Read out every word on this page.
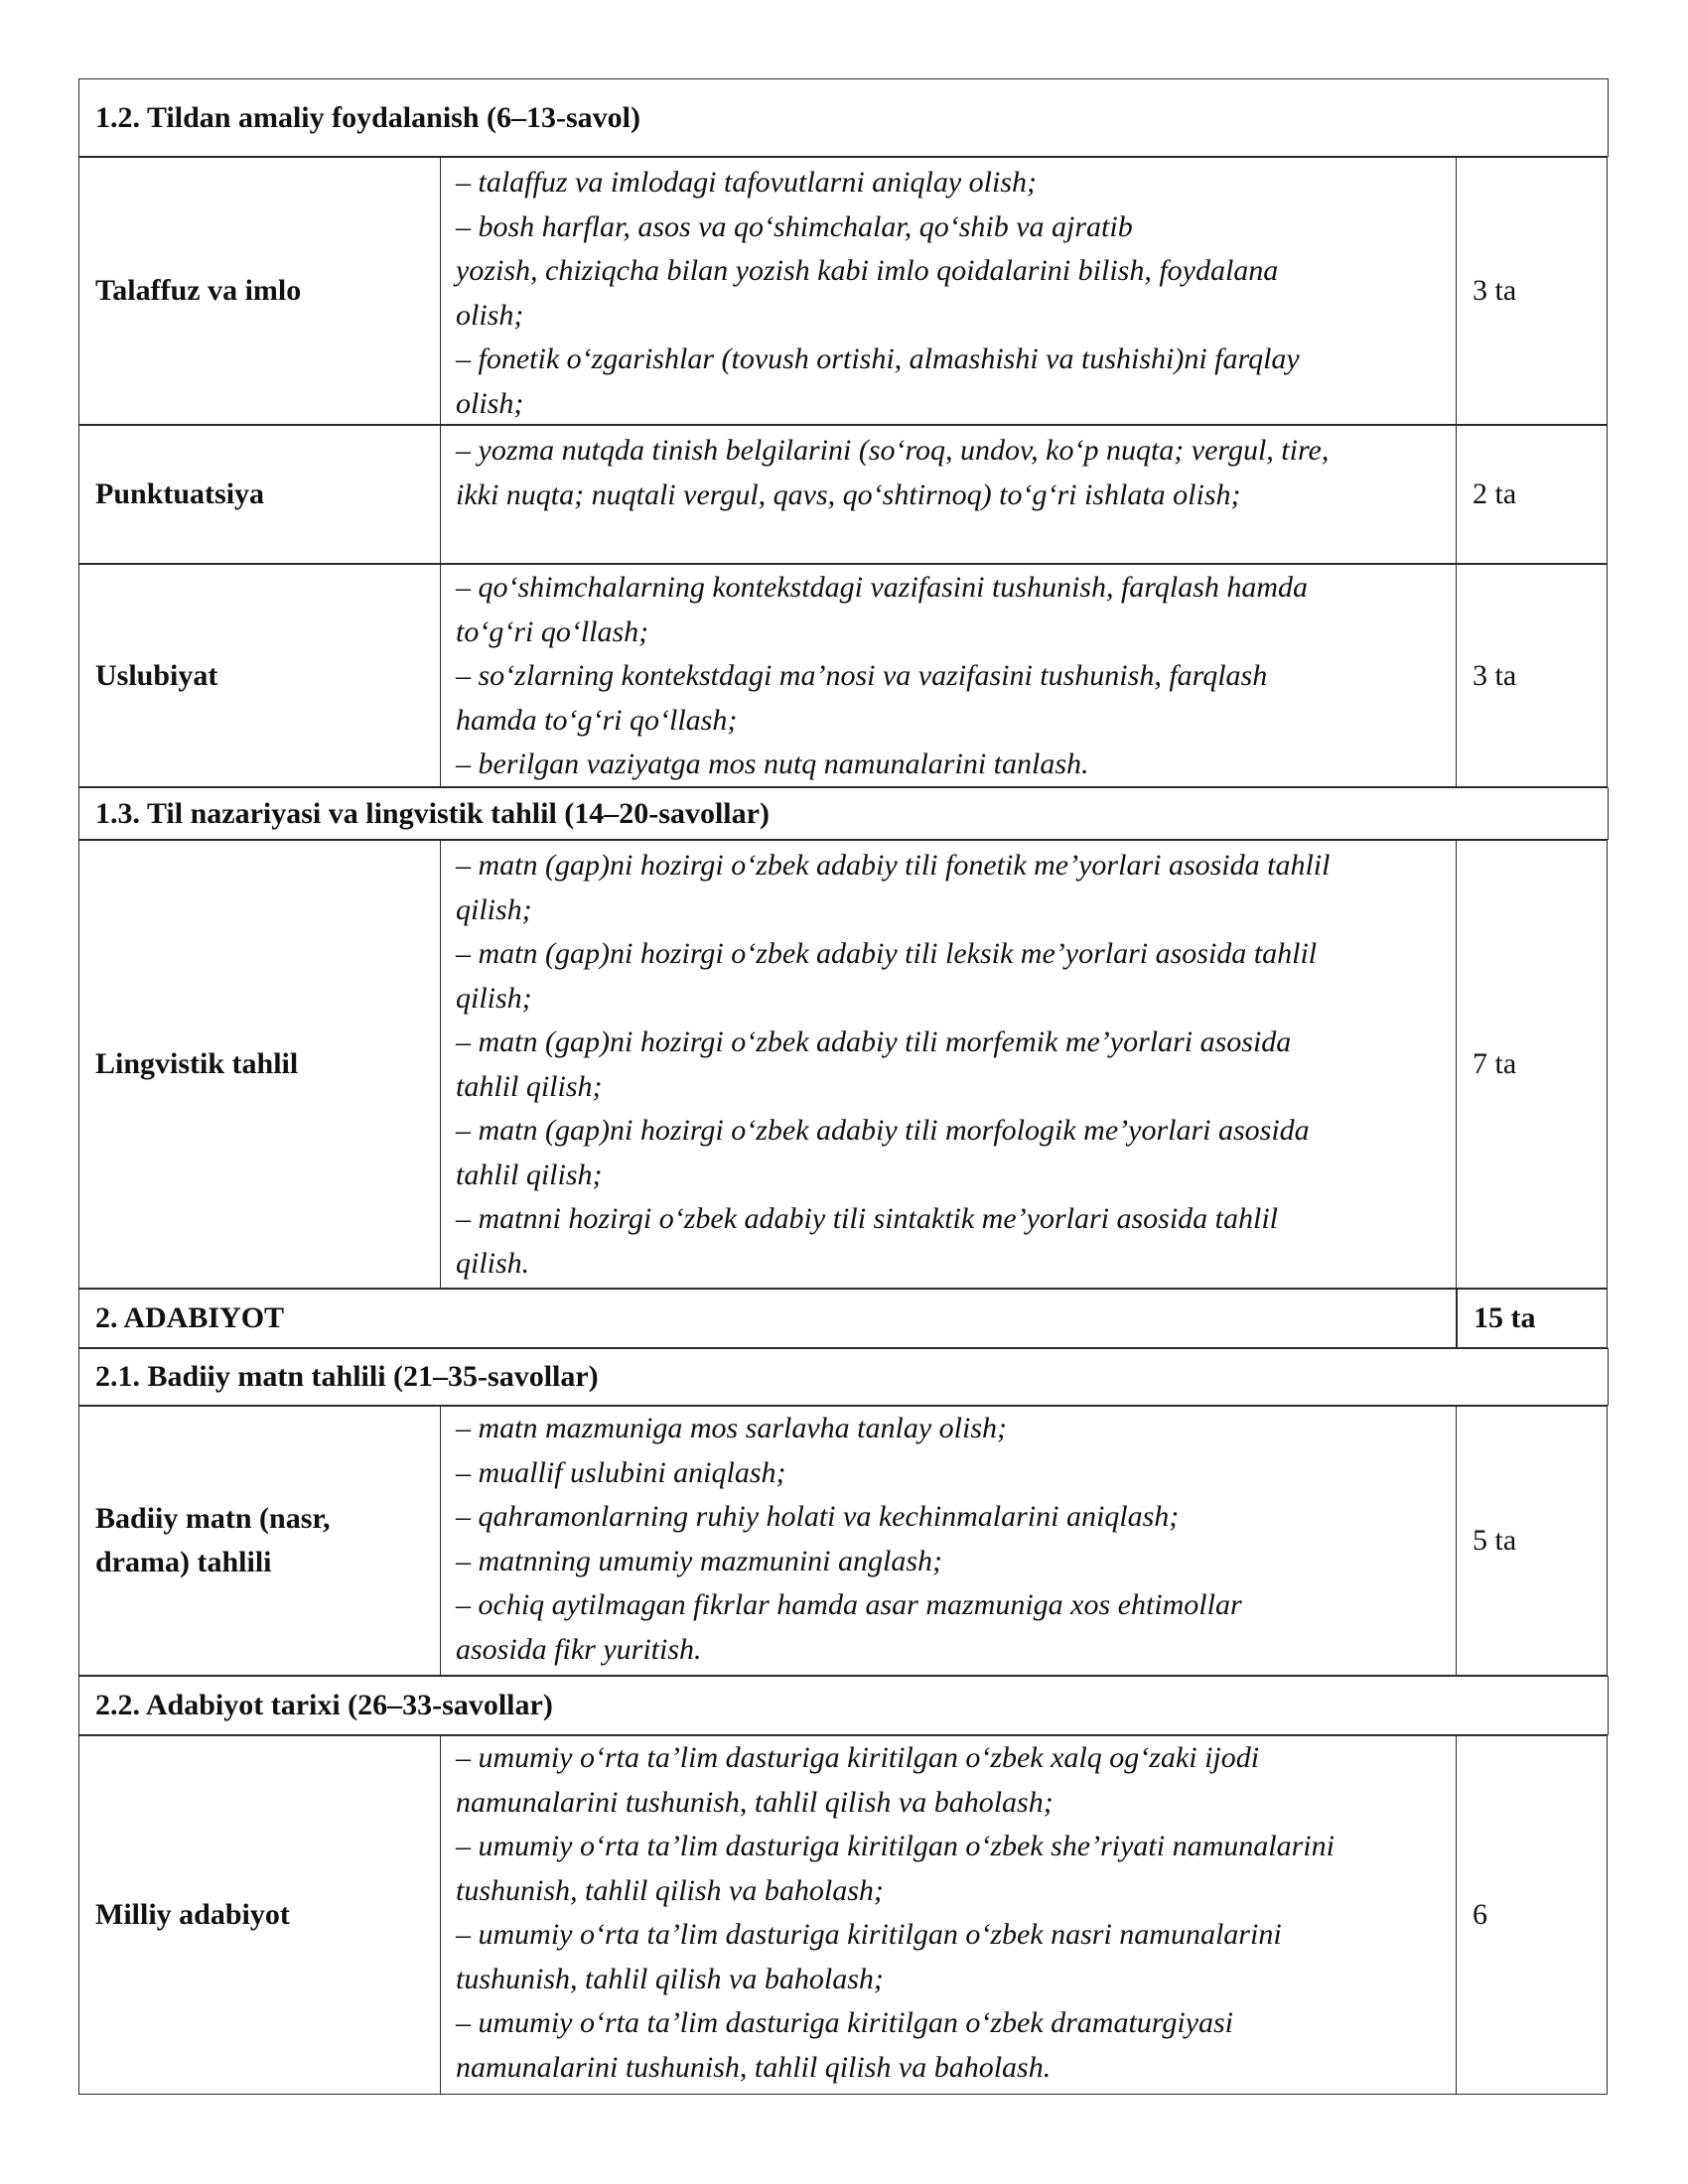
1.2. Tildan amaliy foydalanish (6–13-savol)
Talaffuz va imlo
– talaffuz va imlodagi tafovutlarni aniqlay olish;
– bosh harflar, asos va qo‘shimchalar, qo‘shib va ajratib
yozish, chiziqcha bilan yozish kabi imlo qoidalarini bilish, foydalana
olish;
– fonetik o‘zgarishlar (tovush ortishi, almashishi va tushishi)ni farqlay
olish;
3 ta
Punktuatsiya
– yozma nutqda tinish belgilarini (so‘roq, undov, ko‘p nuqta; vergul, tire,
ikki nuqta; nuqtali vergul, qavs, qo‘shtirnoq) to‘g‘ri ishlata olish;	2 ta
Uslubiyat
– qo‘shimchalarning kontekstdagi vazifasini tushunish, farqlash hamda
to‘g‘ri qo‘llash;
– so‘zlarning kontekstdagi ma’nosi va vazifasini tushunish, farqlash
hamda to‘g‘ri qo‘llash;
– berilgan vaziyatga mos nutq namunalarini tanlash.
3 ta
1.3. Til nazariyasi va lingvistik tahlil (14–20-savollar)
Lingvistik tahlil
– matn (gap)ni hozirgi o‘zbek adabiy tili fonetik me’yorlari asosida tahlil
qilish;
– matn (gap)ni hozirgi o‘zbek adabiy tili leksik me’yorlari asosida tahlil
qilish;
– matn (gap)ni hozirgi o‘zbek adabiy tili morfemik me’yorlari asosida
tahlil qilish;
– matn (gap)ni hozirgi o‘zbek adabiy tili morfologik me’yorlari asosida
tahlil qilish;
– matnni hozirgi o‘zbek adabiy tili sintaktik me’yorlari asosida tahlil
qilish.
7 ta
2. ADABIYOT	15 ta
2.1. Badiiy matn tahlili (21–35-savollar)
Badiiy matn (nasr,
drama) tahlili
– matn mazmuniga mos sarlavha tanlay olish;
– muallif uslubini aniqlash;
– qahramonlarning ruhiy holati va kechinmalarini aniqlash;
– matnning umumiy mazmunini anglash;
– ochiq aytilmagan fikrlar hamda asar mazmuniga xos ehtimollar
asosida fikr yuritish.
5 ta
2.2. Adabiyot tarixi (26–33-savollar)
Milliy adabiyot
– umumiy o‘rta ta’lim dasturiga kiritilgan o‘zbek xalq og‘zaki ijodi
namunalarini tushunish, tahlil qilish va baholash;
– umumiy o‘rta ta’lim dasturiga kiritilgan o‘zbek she’riyati namunalarini
tushunish, tahlil qilish va baholash;
– umumiy o‘rta ta’lim dasturiga kiritilgan o‘zbek nasri namunalarini
tushunish, tahlil qilish va baholash;
– umumiy o‘rta ta’lim dasturiga kiritilgan o‘zbek dramaturgiyasi
namunalarini tushunish, tahlil qilish va baholash.
6
